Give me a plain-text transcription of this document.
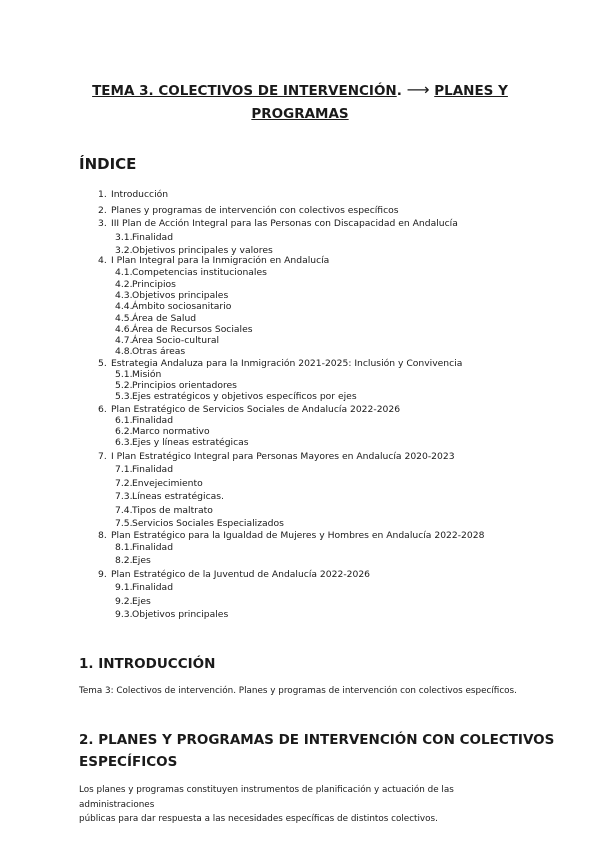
TEMA 3. COLECTIVOS DE INTERVENCIÓN. ⟶ PLANES Y
PROGRAMAS
ÍNDICE
1. Introducción
2. Planes y programas de intervención con colectivos específicos
3. III Plan de Acción Integral para las Personas con Discapacidad en Andalucía
3.1.Finalidad
3.2.Objetivos principales y valores
4. I Plan Integral para la Inmigración en Andalucía
4.1.Competencias institucionales
4.2.Principios
4.3.Objetivos principales
4.4.Ámbito sociosanitario
4.5.Área de Salud
4.6.Área de Recursos Sociales
4.7.Área Socio-cultural
4.8.Otras áreas
5. Estrategia Andaluza para la Inmigración 2021-2025: Inclusión y Convivencia
5.1.Misión
5.2.Principios orientadores
5.3.Ejes estratégicos y objetivos específicos por ejes
6. Plan Estratégico de Servicios Sociales de Andalucía 2022-2026
6.1.Finalidad
6.2.Marco normativo
6.3.Ejes y líneas estratégicas
7. I Plan Estratégico Integral para Personas Mayores en Andalucía 2020-2023
7.1.Finalidad
7.2.Envejecimiento
7.3.Líneas estratégicas.
7.4.Tipos de maltrato
7.5.Servicios Sociales Especializados
8. Plan Estratégico para la Igualdad de Mujeres y Hombres en Andalucía 2022-2028
8.1.Finalidad
8.2.Ejes
9. Plan Estratégico de la Juventud de Andalucía 2022-2026
9.1.Finalidad
9.2.Ejes
9.3.Objetivos principales
1. INTRODUCCIÓN
Tema 3: Colectivos de intervención. Planes y programas de intervención con colectivos específicos.
2. PLANES Y PROGRAMAS DE INTERVENCIÓN CON COLECTIVOS
ESPECÍFICOS
Los planes y programas constituyen instrumentos de planificación y actuación de las administraciones
públicas para dar respuesta a las necesidades específicas de distintos colectivos.
